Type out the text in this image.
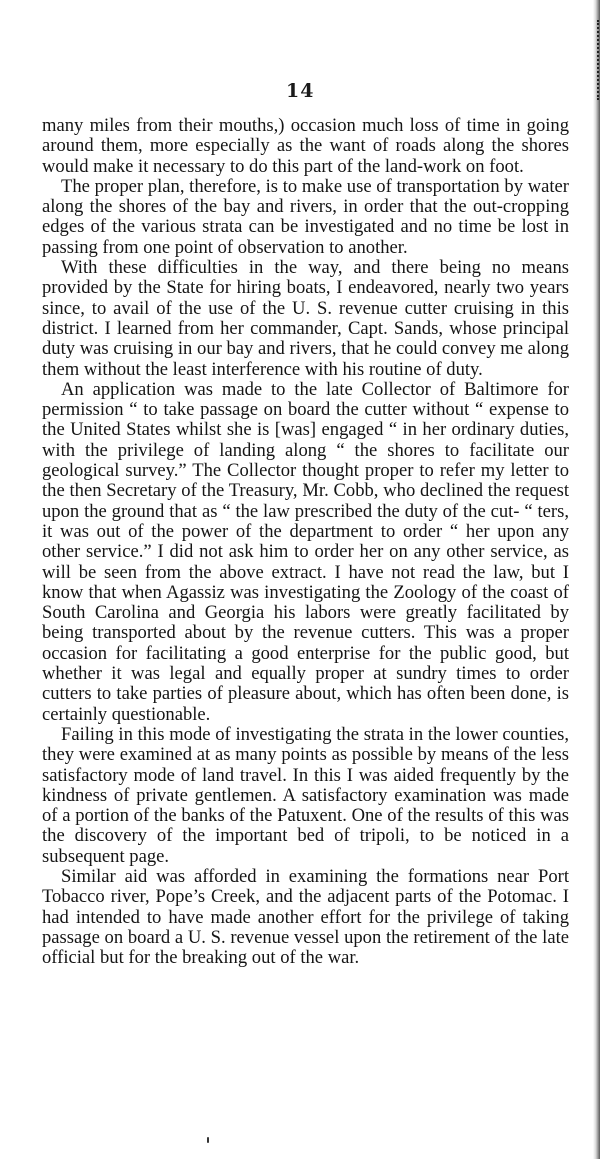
14

many miles from their mouths,) occasion much loss of time in going around them, more especially as the want of roads along the shores would make it necessary to do this part of the land-work on foot.

The proper plan, therefore, is to make use of transportation by water along the shores of the bay and rivers, in order that the out-cropping edges of the various strata can be investigated and no time be lost in passing from one point of observation to another.

With these difficulties in the way, and there being no means provided by the State for hiring boats, I endeavored, nearly two years since, to avail of the use of the U. S. revenue cutter cruising in this district. I learned from her commander, Capt. Sands, whose principal duty was cruising in our bay and rivers, that he could convey me along them without the least interference with his routine of duty.

An application was made to the late Collector of Baltimore for permission “ to take passage on board the cutter without “ expense to the United States whilst she is [was] engaged “ in her ordinary duties, with the privilege of landing along “ the shores to facilitate our geological survey.” The Collector thought proper to refer my letter to the then Secretary of the Treasury, Mr. Cobb, who declined the request upon the ground that as “ the law prescribed the duty of the cut- “ ters, it was out of the power of the department to order “ her upon any other service.” I did not ask him to order her on any other service, as will be seen from the above extract. I have not read the law, but I know that when Agassiz was investigating the Zoology of the coast of South Carolina and Georgia his labors were greatly facilitated by being transported about by the revenue cutters. This was a proper occasion for facilitating a good enterprise for the public good, but whether it was legal and equally proper at sundry times to order cutters to take parties of pleasure about, which has often been done, is certainly questionable.

Failing in this mode of investigating the strata in the lower counties, they were examined at as many points as possible by means of the less satisfactory mode of land travel. In this I was aided frequently by the kindness of private gentlemen. A satisfactory examination was made of a portion of the banks of the Patuxent. One of the results of this was the discovery of the important bed of tripoli, to be noticed in a subsequent page.

Similar aid was afforded in examining the formations near Port Tobacco river, Pope’s Creek, and the adjacent parts of the Potomac. I had intended to have made another effort for the privilege of taking passage on board a U. S. revenue vessel upon the retirement of the late official but for the breaking out of the war.
